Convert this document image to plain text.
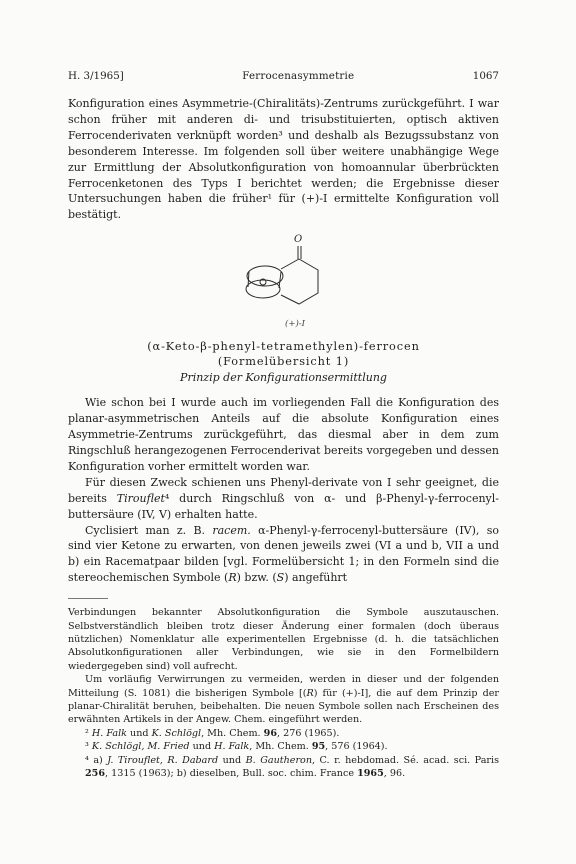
H. 3/1965]	Ferrocenasymmetrie	1067

Konfiguration eines Asymmetrie-(Chiralitäts)-Zentrums zurückgeführt. I war schon früher mit anderen di- und trisubstituierten, optisch aktiven Ferrocenderivaten verknüpft worden³ und deshalb als Bezugssubstanz von besonderem Interesse. Im folgenden soll über weitere unabhängige Wege zur Ermittlung der Absolutkonfiguration von homoannular überbrückten Ferrocenketonen des Typs I berichtet werden; die Ergebnisse dieser Untersuchungen haben die früher¹ für (+)-I ermittelte Konfiguration voll bestätigt.

O
(+)-I
(α-Keto-β-phenyl-tetramethylen)-ferrocen
(Formelübersicht 1)
Prinzip der Konfigurationsermittlung

Wie schon bei I wurde auch im vorliegenden Fall die Konfiguration des planar-asymmetrischen Anteils auf die absolute Konfiguration eines Asymmetrie-Zentrums zurückgeführt, das diesmal aber in dem zum Ringschluß herangezogenen Ferrocenderivat bereits vorgegeben und dessen Konfiguration vorher ermittelt worden war.

Für diesen Zweck schienen uns Phenyl-derivate von I sehr geeignet, die bereits Tirouflet⁴ durch Ringschluß von α- und β-Phenyl-γ-ferrocenyl-buttersäure (IV, V) erhalten hatte.

Cyclisiert man z. B. racem. α-Phenyl-γ-ferrocenyl-buttersäure (IV), so sind vier Ketone zu erwarten, von denen jeweils zwei (VI a und b, VII a und b) ein Racematpaar bilden [vgl. Formelübersicht 1; in den Formeln sind die stereochemischen Symbole (R) bzw. (S) angeführt

Verbindungen bekannter Absolutkonfiguration die Symbole auszutauschen. Selbstverständlich bleiben trotz dieser Änderung einer formalen (doch überaus nützlichen) Nomenklatur alle experimentellen Ergebnisse (d. h. die tatsächlichen Absolutkonfigurationen aller Verbindungen, wie sie in den Formelbildern wiedergegeben sind) voll aufrecht.
Um vorläufig Verwirrungen zu vermeiden, werden in dieser und der folgenden Mitteilung (S. 1081) die bisherigen Symbole [(R) für (+)-I], die auf dem Prinzip der planar-Chiralität beruhen, beibehalten. Die neuen Symbole sollen nach Erscheinen des erwähnten Artikels in der Angew. Chem. eingeführt werden.
² H. Falk und K. Schlögl, Mh. Chem. 96, 276 (1965).
³ K. Schlögl, M. Fried und H. Falk, Mh. Chem. 95, 576 (1964).
⁴ a) J. Tirouflet, R. Dabard und B. Gautheron, C. r. hebdomad. Sé. acad. sci. Paris 256, 1315 (1963); b) dieselben, Bull. soc. chim. France 1965, 96.
